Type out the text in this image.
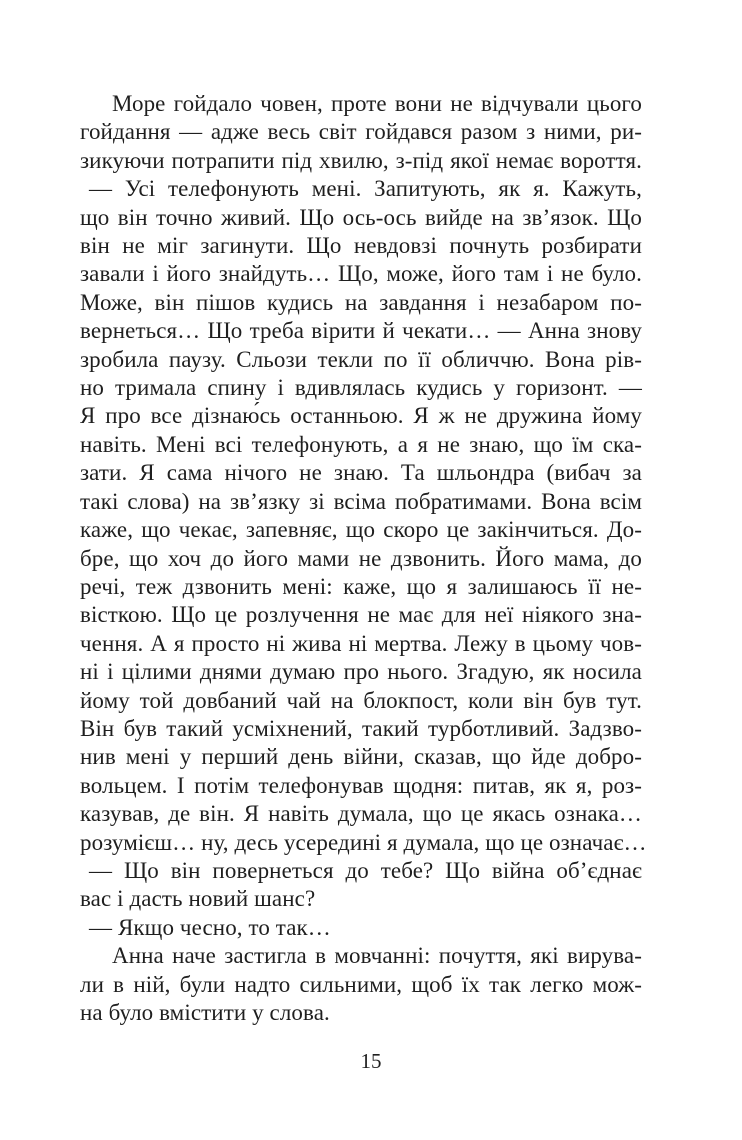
Море гойдало човен, проте вони не відчували цього
гойдання — адже весь світ гойдався разом з ними, ри-
зикуючи потрапити під хвилю, з-під якої немає вороття.
— Усі телефонують мені. Запитують, як я. Кажуть,
що він точно живий. Що ось-ось вийде на зв’язок. Що
він не міг загинути. Що невдовзі почнуть розбирати
завали і його знайдуть… Що, може, його там і не було.
Може, він пішов кудись на завдання і незабаром по-
вернеться… Що треба вірити й чекати… — Анна знову
зробила паузу. Сльози текли по її обличчю. Вона рів-
но тримала спину і вдивлялась кудись у горизонт. —
Я про все дізнаю́сь останньою. Я ж не дружина йому
навіть. Мені всі телефонують, а я не знаю, що їм ска-
зати. Я сама нічого не знаю. Та шльондра (вибач за
такі слова) на зв’язку зі всіма побратимами. Вона всім
каже, що чекає, запевняє, що скоро це закінчиться. До-
бре, що хоч до його мами не дзвонить. Його мама, до
речі, теж дзвонить мені: каже, що я залишаюсь її не-
вісткою. Що це розлучення не має для неї ніякого зна-
чення. А я просто ні жива ні мертва. Лежу в цьому чов-
ні і цілими днями думаю про нього. Згадую, як носила
йому той довбаний чай на блокпост, коли він був тут.
Він був такий усміхнений, такий турботливий. Задзво-
нив мені у перший день війни, сказав, що йде добро-
вольцем. І потім телефонував щодня: питав, як я, роз-
казував, де він. Я навіть думала, що це якась ознака…
розумієш… ну, десь усередині я думала, що це означає…
— Що він повернеться до тебе? Що війна об’єднає
вас і дасть новий шанс?
— Якщо чесно, то так…
Анна наче застигла в мовчанні: почуття, які вирува-
ли в ній, були надто сильними, щоб їх так легко мож-
на було вмістити у слова.
15
